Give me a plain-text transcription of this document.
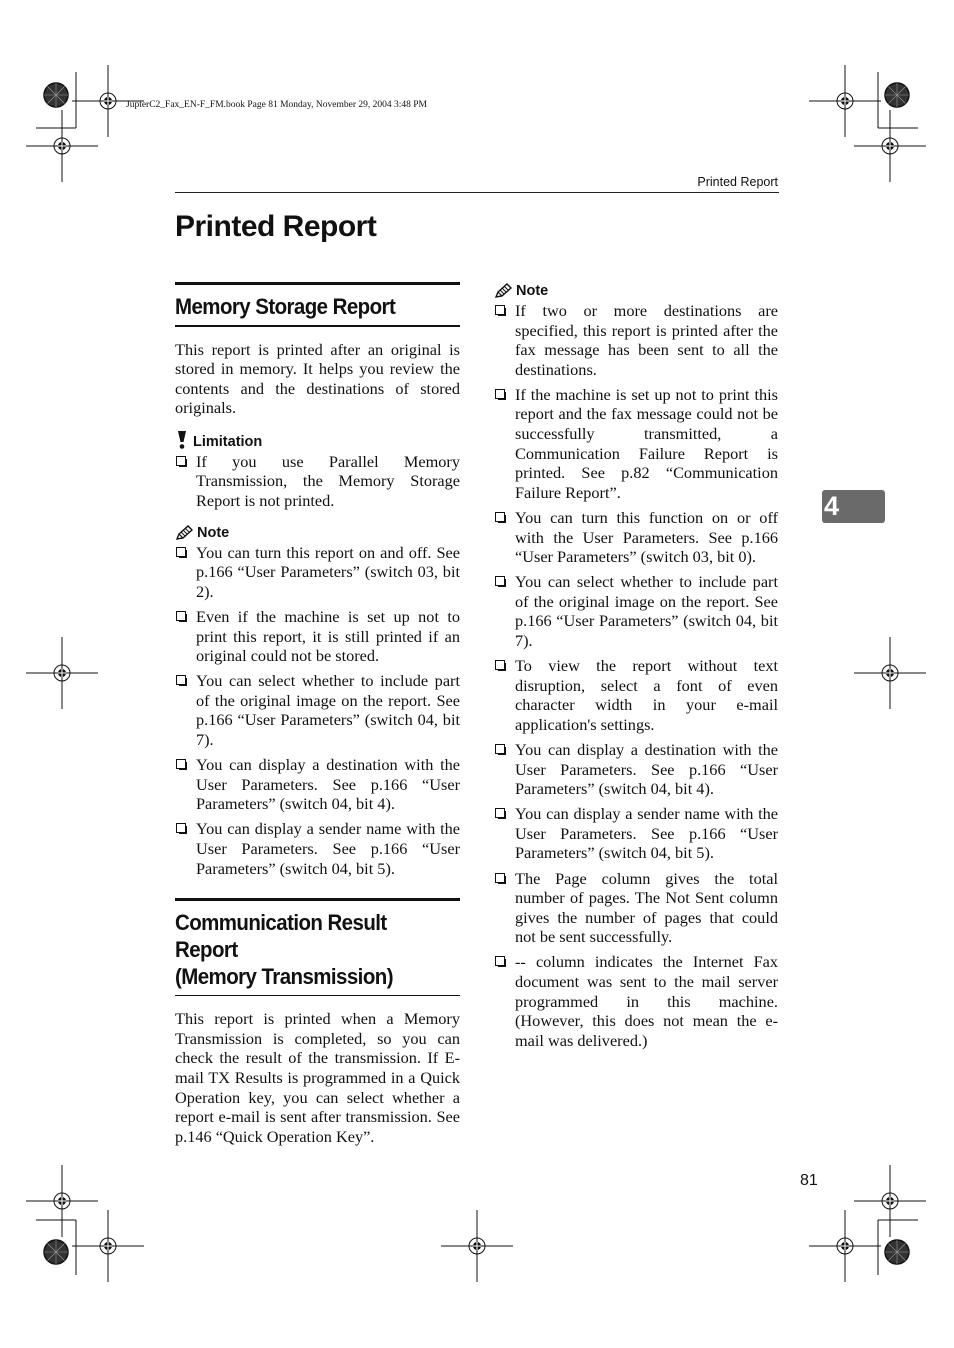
JupterC2_Fax_EN-F_FM.book Page 81 Monday, November 29, 2004 3:48 PM
Printed Report
Printed Report
Memory Storage Report

This report is printed after an original is stored in memory. It helps you review the contents and the destinations of stored originals.

Limitation
If you use Parallel Memory Transmission, the Memory Storage Report is not printed.
Note
You can turn this report on and off. See p.166 “User Parameters” (switch 03, bit 2).
Even if the machine is set up not to print this report, it is still printed if an original could not be stored.
You can select whether to include part of the original image on the report. See p.166 “User Parameters” (switch 04, bit 7).
You can display a destination with the User Parameters. See p.166 “User Parameters” (switch 04, bit 4).
You can display a sender name with the User Parameters. See p.166 “User Parameters” (switch 04, bit 5).
Communication Result Report
(Memory Transmission)

This report is printed when a Memory Transmission is completed, so you can check the result of the transmission. If E-mail TX Results is programmed in a Quick Operation key, you can select whether a report e-mail is sent after transmission. See p.146 “Quick Operation Key”.

Note
If two or more destinations are specified, this report is printed after the fax message has been sent to all the destinations.
If the machine is set up not to print this report and the fax message could not be successfully transmitted, a Communication Failure Report is printed. See p.82 “Communication Failure Report”.
You can turn this function on or off with the User Parameters. See p.166 “User Parameters” (switch 03, bit 0).
You can select whether to include part of the original image on the report. See p.166 “User Parameters” (switch 04, bit 7).
To view the report without text disruption, select a font of even character width in your e-mail application's settings.
You can display a destination with the User Parameters. See p.166 “User Parameters” (switch 04, bit 4).
You can display a sender name with the User Parameters. See p.166 “User Parameters” (switch 04, bit 5).
The Page column gives the total number of pages. The Not Sent column gives the number of pages that could not be sent successfully.
-- column indicates the Internet Fax document was sent to the mail server programmed in this machine. (However, this does not mean the e-mail was delivered.)
4
81
